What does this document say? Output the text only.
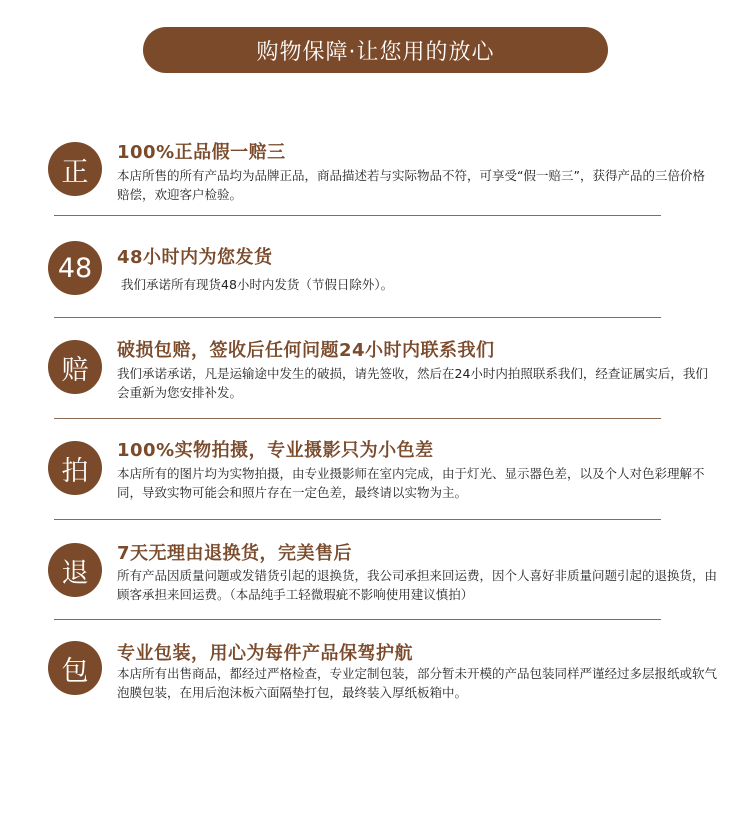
购物保障·让您用的放心
正
100%正品假一赔三
本店所售的所有产品均为品牌正品，商品描述若与实际物品不符，可享受“假一赔三”，获得产品的三倍价格赔偿，欢迎客户检验。
48	48小时内为您发货
我们承诺所有现货48小时内发货（节假日除外）。
赔
破损包赔，签收后任何问题24小时内联系我们
我们承诺承诺，凡是运输途中发生的破损，请先签收，然后在24小时内拍照联系我们，经查证属实后，我们会重新为您安排补发。
拍
100%实物拍摄，专业摄影只为小色差
本店所有的图片均为实物拍摄，由专业摄影师在室内完成，由于灯光、显示器色差，以及个人对色彩理解不同，导致实物可能会和照片存在一定色差，最终请以实物为主。
退
7天无理由退换货，完美售后
所有产品因质量问题或发错货引起的退换货，我公司承担来回运费，因个人喜好非质量问题引起的退换货，由顾客承担来回运费。（本品纯手工轻微瑕疵不影响使用建议慎拍）
包
专业包装，用心为每件产品保驾护航
本店所有出售商品，都经过严格检查，专业定制包装，部分暂未开模的产品包装同样严谨经过多层报纸或软气泡膜包装，在用后泡沫板六面隔垫打包，最终装入厚纸板箱中。
